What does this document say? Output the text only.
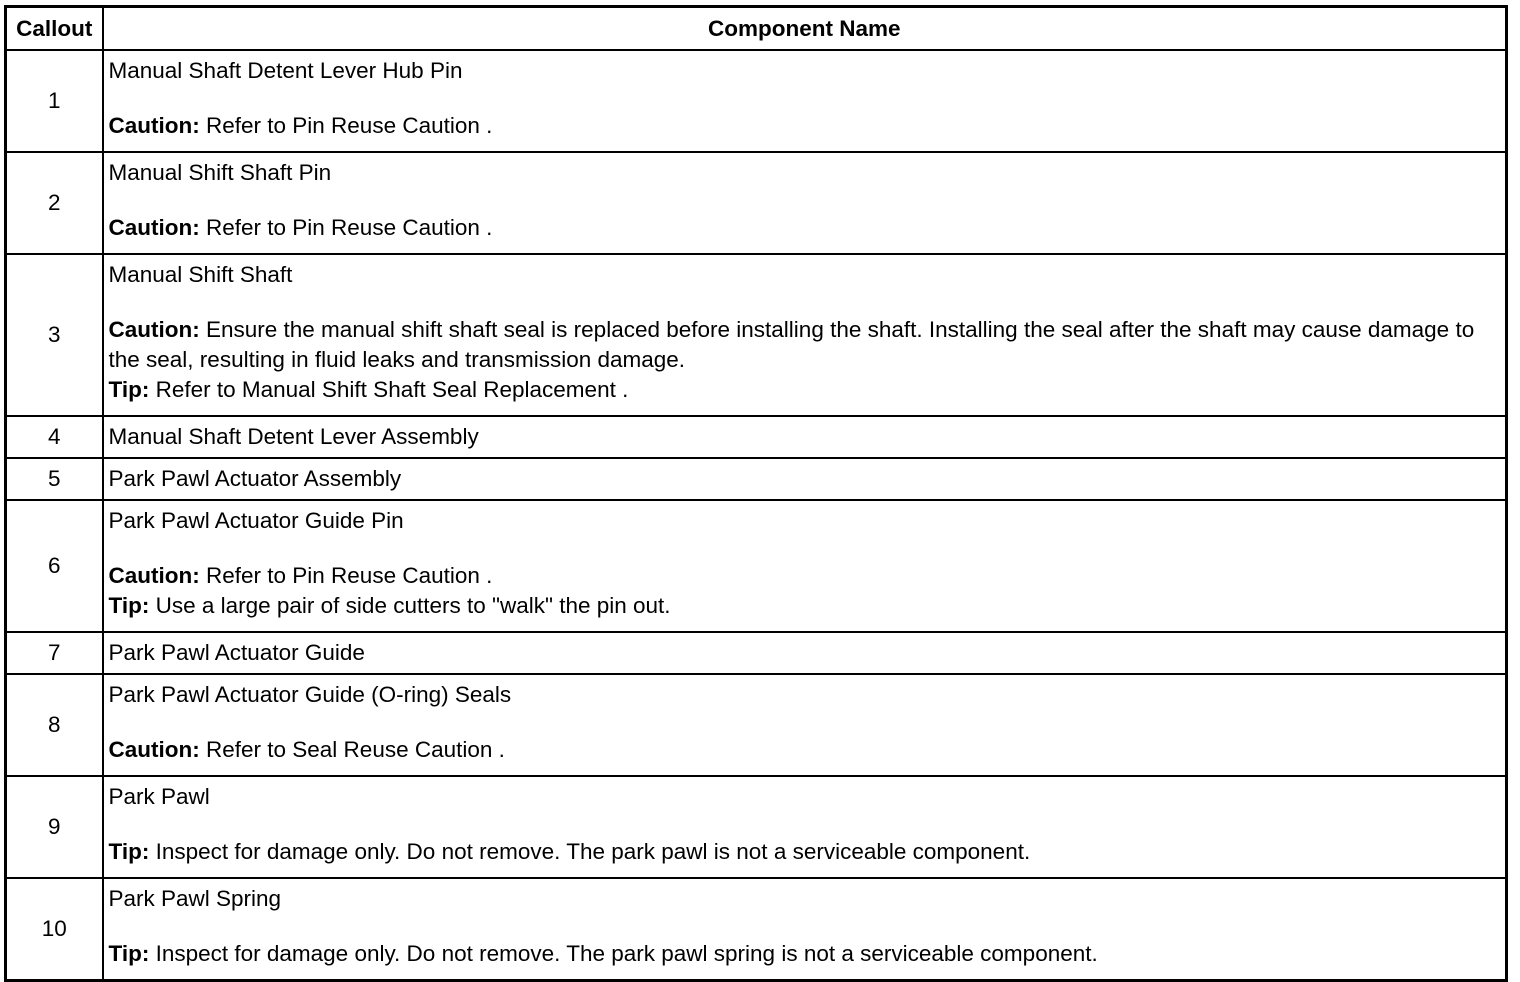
Callout	Component Name
1	Manual Shaft Detent Lever Hub Pin
Caution: Refer to Pin Reuse Caution .

2	Manual Shift Shaft Pin
Caution: Refer to Pin Reuse Caution .

3	Manual Shift Shaft
Caution: Ensure the manual shift shaft seal is replaced before installing the shaft. Installing the seal after the shaft may cause damage to the seal, resulting in fluid leaks and transmission damage.
Tip: Refer to Manual Shift Shaft Seal Replacement .

4	Manual Shaft Detent Lever Assembly

5	Park Pawl Actuator Assembly

6	Park Pawl Actuator Guide Pin
Caution: Refer to Pin Reuse Caution .
Tip: Use a large pair of side cutters to "walk" the pin out.

7	Park Pawl Actuator Guide

8	Park Pawl Actuator Guide (O-ring) Seals
Caution: Refer to Seal Reuse Caution .

9	Park Pawl
Tip: Inspect for damage only. Do not remove. The park pawl is not a serviceable component.

10	Park Pawl Spring
Tip: Inspect for damage only. Do not remove. The park pawl spring is not a serviceable component.
